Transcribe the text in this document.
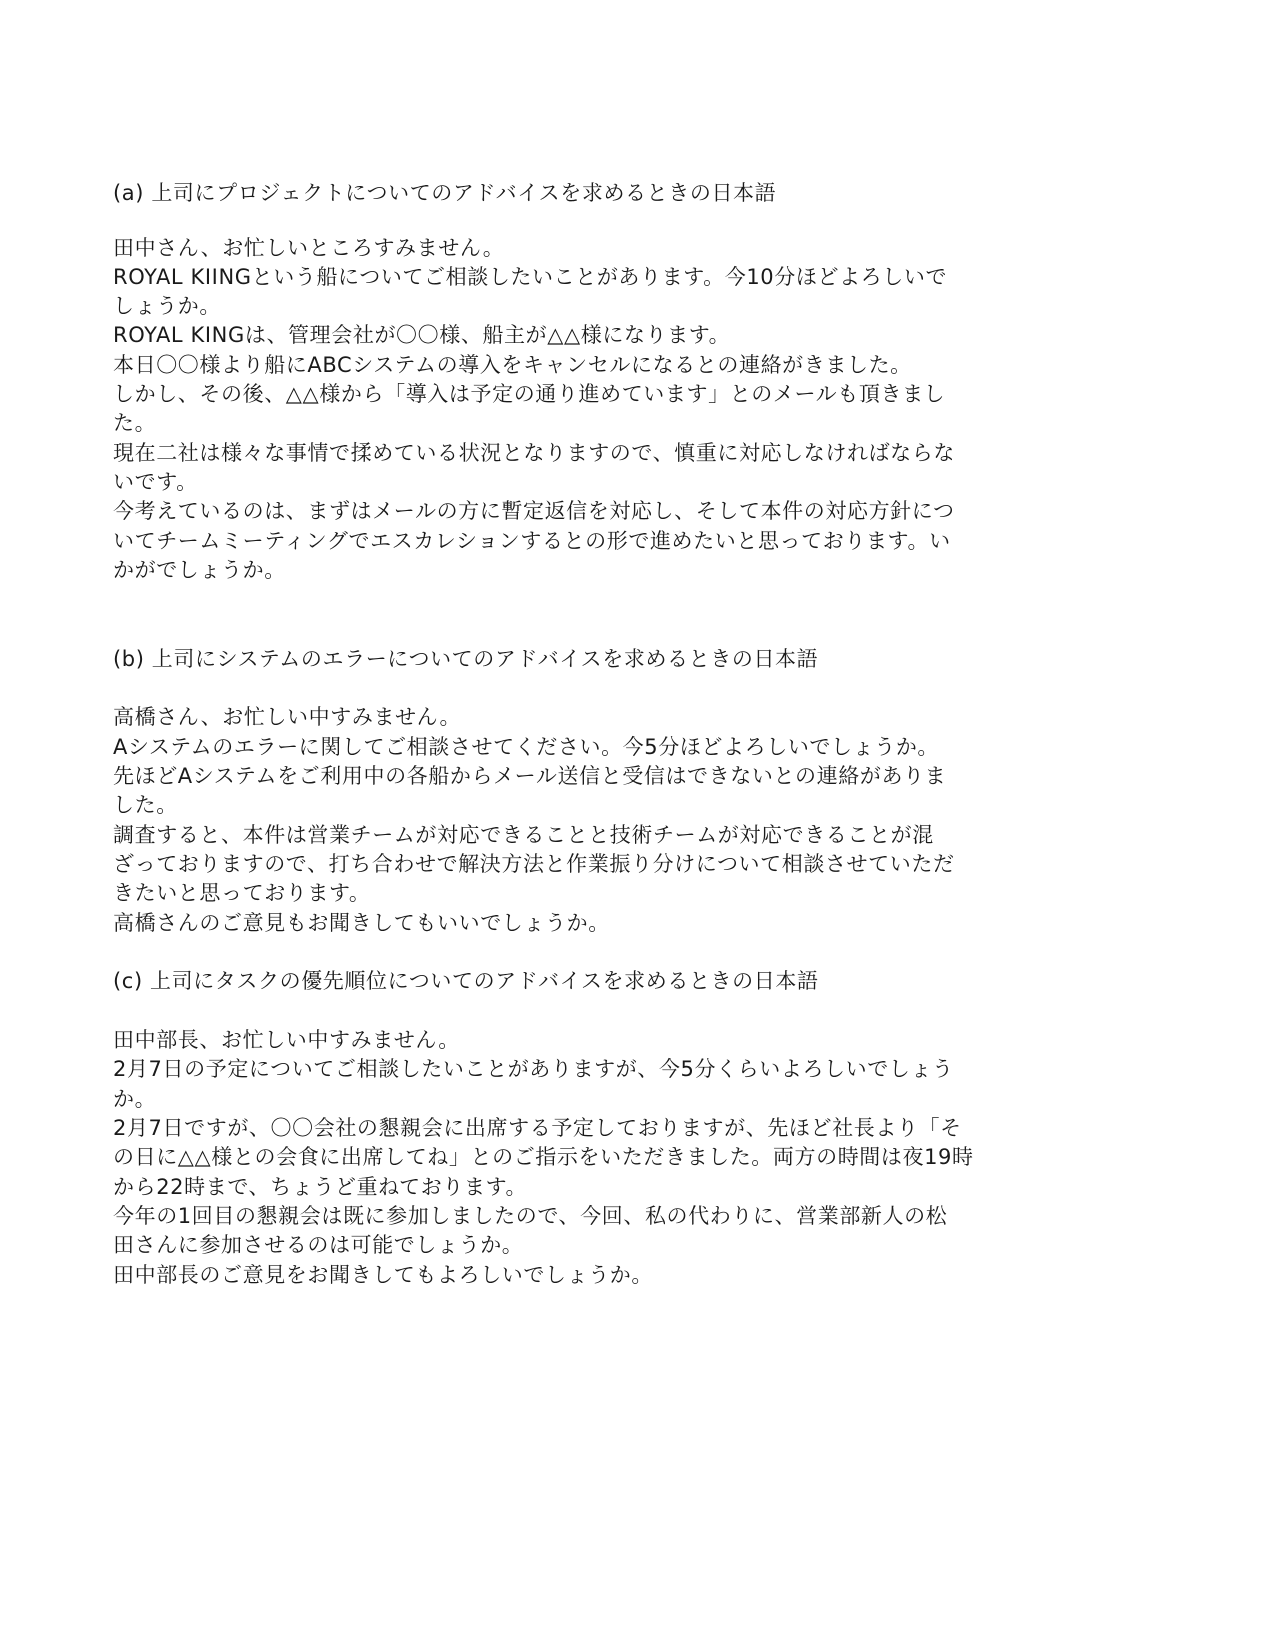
(a) 上司にプロジェクトについてのアドバイスを求めるときの日本語
田中さん、お忙しいところすみません。
ROYAL KIINGという船についてご相談したいことがあります。今10分ほどよろしいで
しょうか。
ROYAL KINGは、管理会社が〇〇様、船主が△△様になります。
本日〇〇様より船にABCシステムの導入をキャンセルになるとの連絡がきました。
しかし、その後、△△様から「導入は予定の通り進めています」とのメールも頂きまし
た。
現在二社は様々な事情で揉めている状況となりますので、慎重に対応しなければならな
いです。
今考えているのは、まずはメールの方に暫定返信を対応し、そして本件の対応方針につ
いてチームミーティングでエスカレションするとの形で進めたいと思っております。い
かがでしょうか。
(b) 上司にシステムのエラーについてのアドバイスを求めるときの日本語
高橋さん、お忙しい中すみません。
Aシステムのエラーに関してご相談させてください。今5分ほどよろしいでしょうか。
先ほどAシステムをご利用中の各船からメール送信と受信はできないとの連絡がありま
した。
調査すると、本件は営業チームが対応できることと技術チームが対応できることが混
ざっておりますので、打ち合わせで解決方法と作業振り分けについて相談させていただ
きたいと思っております。
高橋さんのご意見もお聞きしてもいいでしょうか。
(c) 上司にタスクの優先順位についてのアドバイスを求めるときの日本語
田中部長、お忙しい中すみません。
2月7日の予定についてご相談したいことがありますが、今5分くらいよろしいでしょう
か。
2月7日ですが、〇〇会社の懇親会に出席する予定しておりますが、先ほど社長より「そ
の日に△△様との会食に出席してね」とのご指示をいただきました。両方の時間は夜19時
から22時まで、ちょうど重ねております。
今年の1回目の懇親会は既に参加しましたので、今回、私の代わりに、営業部新人の松
田さんに参加させるのは可能でしょうか。
田中部長のご意見をお聞きしてもよろしいでしょうか。
